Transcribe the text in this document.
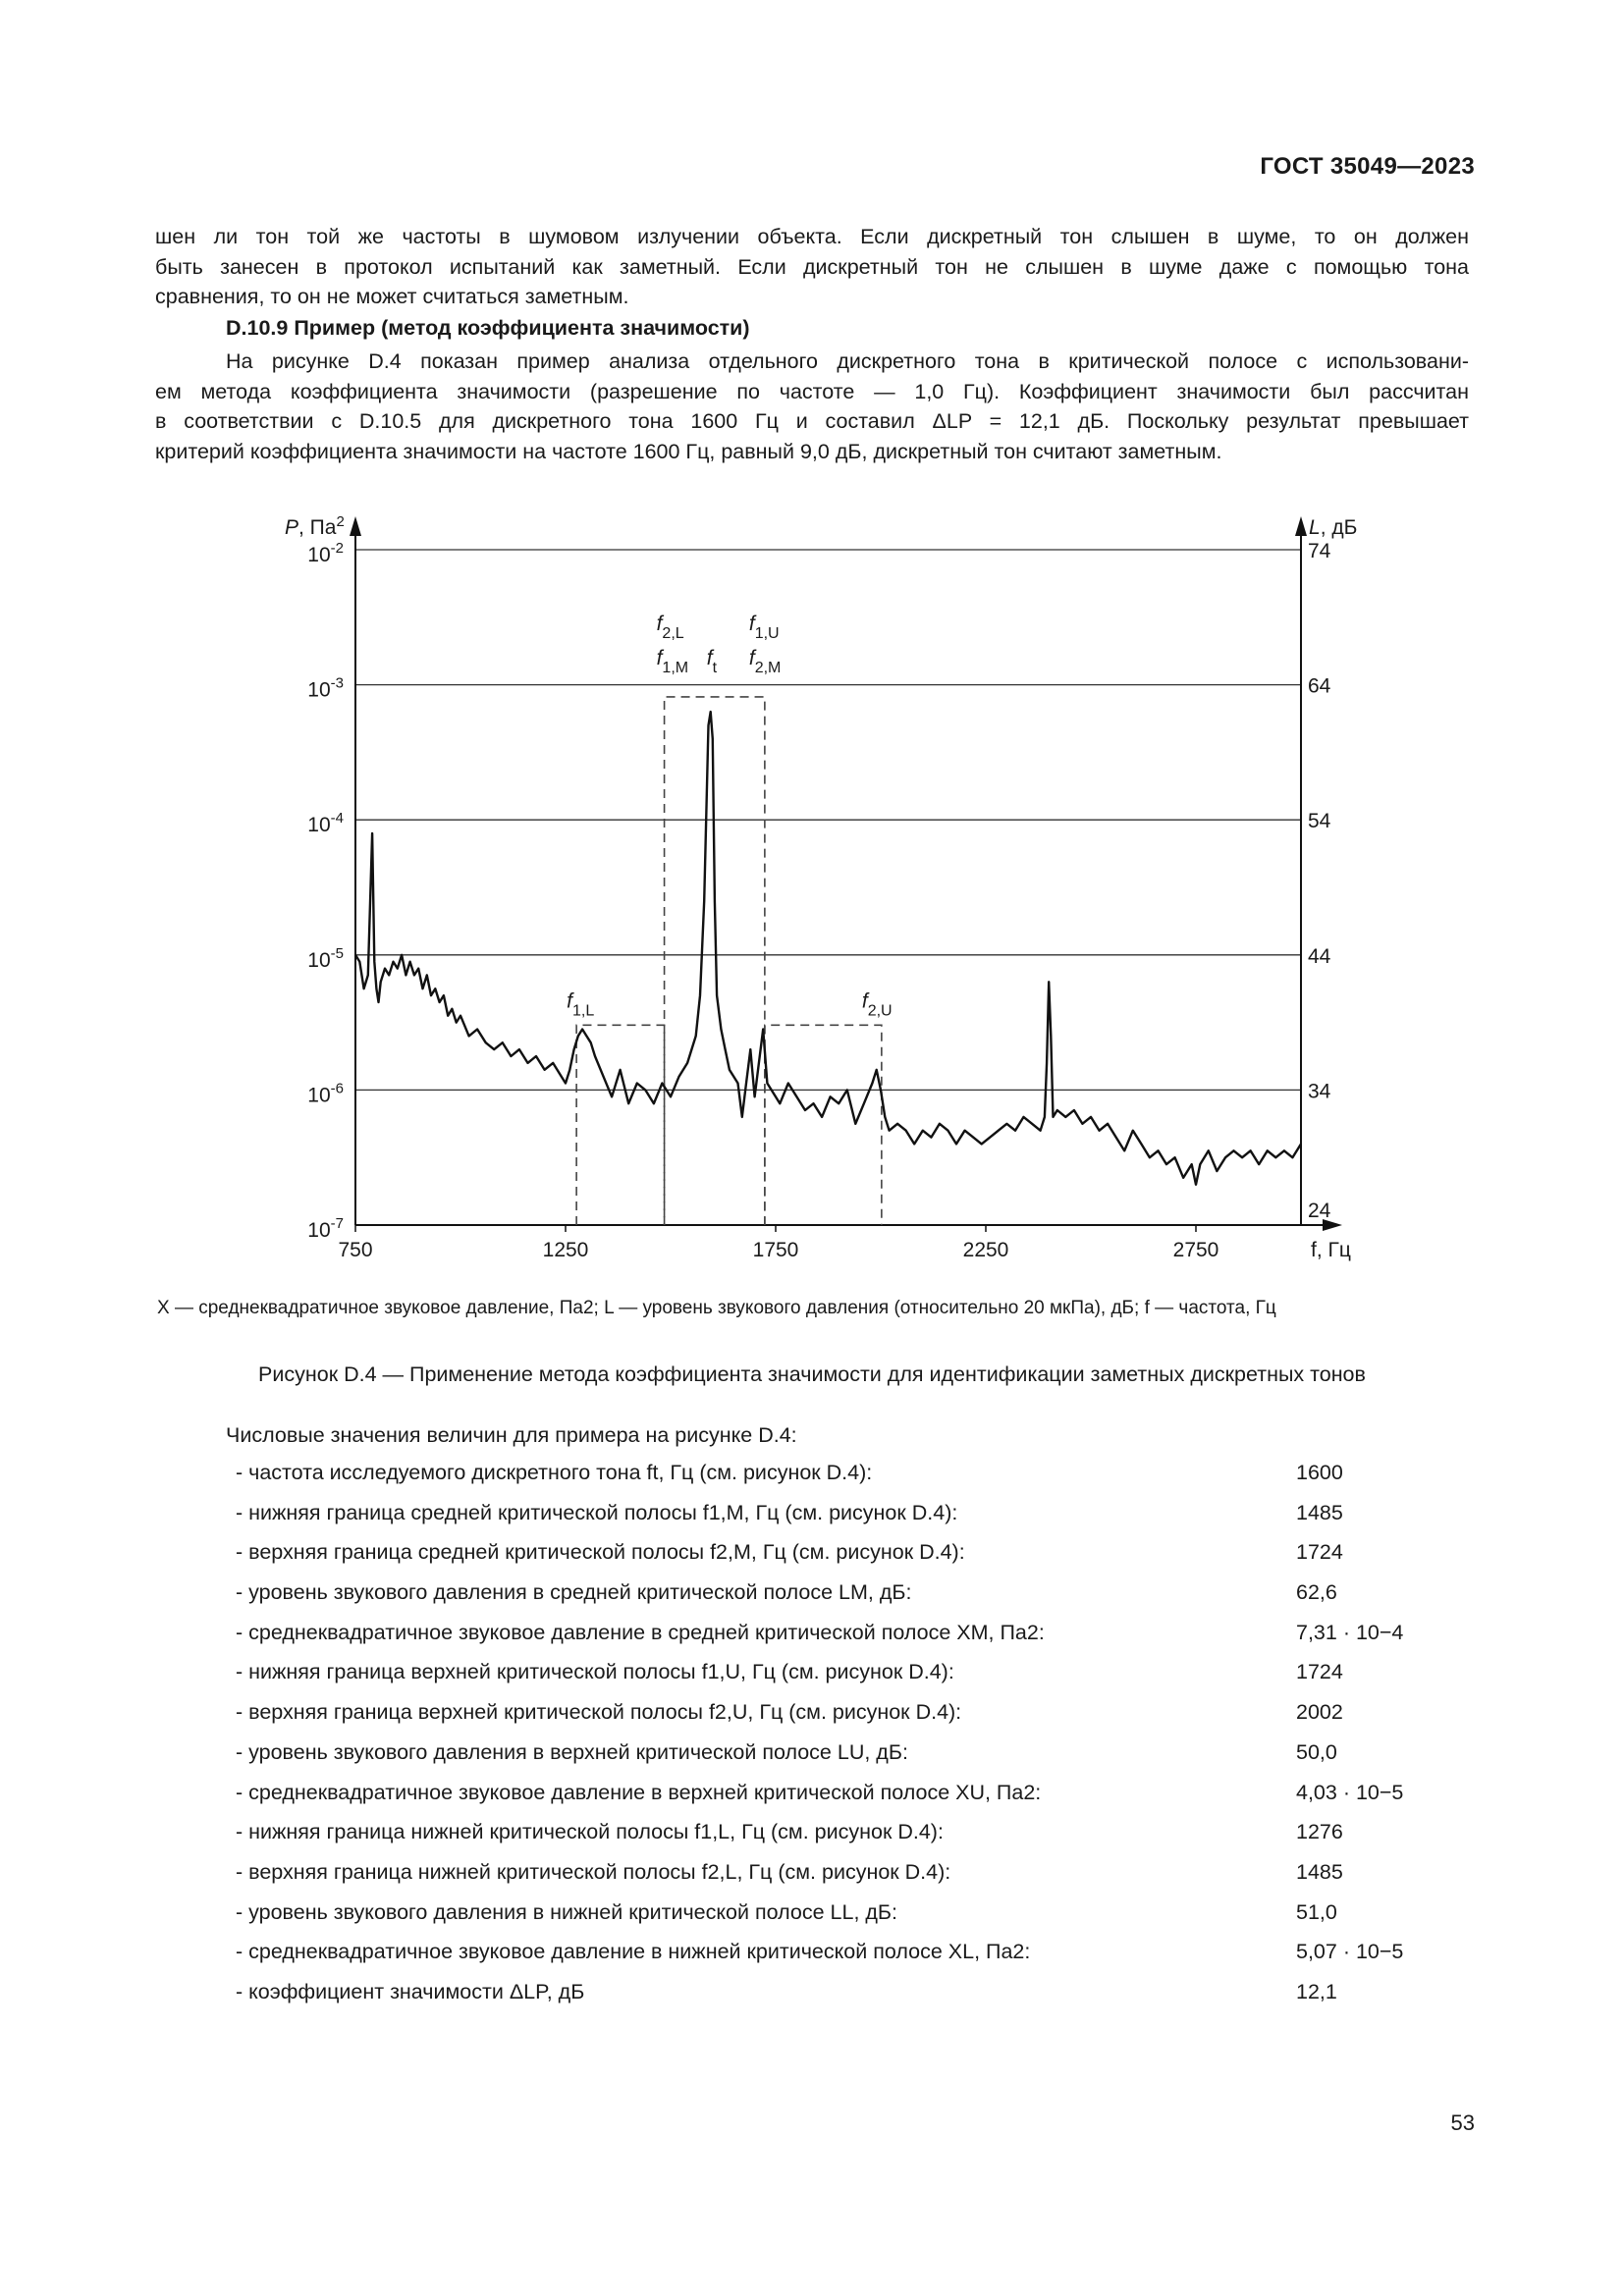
ГОСТ 35049—2023
шен ли тон той же частоты в шумовом излучении объекта. Если дискретный тон слышен в шуме, то он должен
быть занесен в протокол испытаний как заметный. Если дискретный тон не слышен в шуме даже с помощью тона
сравнения, то он не может считаться заметным.
D.10.9 Пример (метод коэффициента значимости)
На рисунке D.4 показан пример анализа отдельного дискретного тона в критической полосе с использовани-
ем метода коэффициента значимости (разрешение по частоте — 1,0 Гц). Коэффициент значимости был рассчитан
в соответствии с D.10.5 для дискретного тона 1600 Гц и составил ΔLP = 12,1 дБ. Поскольку результат превышает
критерий коэффициента значимости на частоте 1600 Гц, равный 9,0 дБ, дискретный тон считают заметным.
750	1250	1750	2250	2750	f, Гц
$10^{-2}$
$10^{-3}$
$10^{-4}$
$10^{-5}$
$10^{-6}$
$10^{-7}$
74
64
54
44
34
24
P, $Па^2$	L, дБ
$f_{2,L}$
$f_{1,M}$ $f_t$
$f_{1,U}$
$f_{2,M}$
$f_{1,L}$	$f_{2,U}$
X — среднеквадратичное звуковое давление, Па2; L — уровень звукового давления (относительно 20 мкПа), дБ; f — частота, Гц
Рисунок D.4 — Применение метода коэффициента значимости для идентификации заметных дискретных тонов
Числовые значения величин для примера на рисунке D.4:
- частота исследуемого дискретного тона ft, Гц (см. рисунок D.4):	1600
- нижняя граница средней критической полосы f1,M, Гц (см. рисунок D.4):	1485
- верхняя граница средней критической полосы f2,M, Гц (см. рисунок D.4):	1724
- уровень звукового давления в средней критической полосе LM, дБ:	62,6
- среднеквадратичное звуковое давление в средней критической полосе XM, Па2:	7,31 · 10−4
- нижняя граница верхней критической полосы f1,U, Гц (см. рисунок D.4):	1724
- верхняя граница верхней критической полосы f2,U, Гц (см. рисунок D.4):	2002
- уровень звукового давления в верхней критической полосе LU, дБ:	50,0
- среднеквадратичное звуковое давление в верхней критической полосе XU, Па2:	4,03 · 10−5
- нижняя граница нижней критической полосы f1,L, Гц (см. рисунок D.4):	1276
- верхняя граница нижней критической полосы f2,L, Гц (см. рисунок D.4):	1485
- уровень звукового давления в нижней критической полосе LL, дБ:	51,0
- среднеквадратичное звуковое давление в нижней критической полосе XL, Па2:	5,07 · 10−5
- коэффициент значимости ΔLP, дБ	12,1
53
